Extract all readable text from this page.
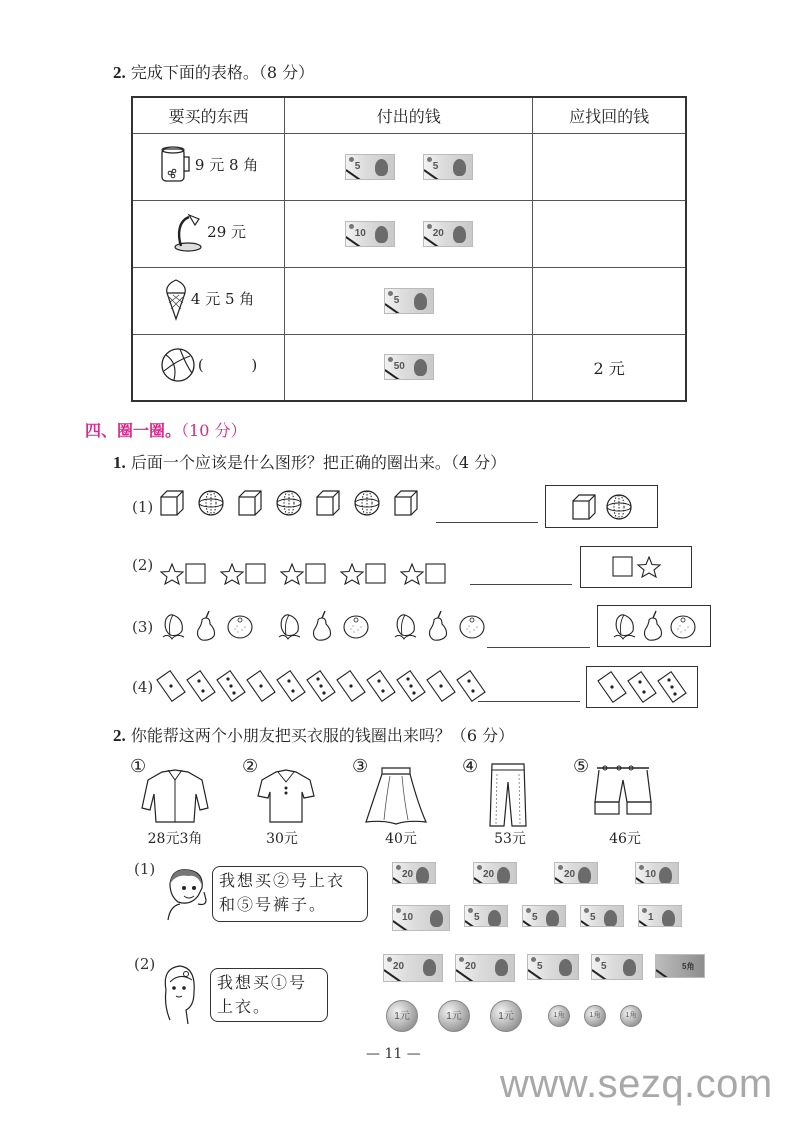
2. 完成下面的表格。（8 分）
要买的东西	付出的钱	应找回的钱

9 元 8 角	5 5	

29 元	10 20	

4 元 5 角	5	

(          )	50	2 元
四、圈一圈。（10 分）
1. 后面一个应该是什么图形？把正确的圈出来。（4 分）
(1)
(2)
(3)
(4)
2. 你能帮这两个小朋友把买衣服的钱圈出来吗？（6 分）
①
28元3角
②
30元
③
40元
④
53元
⑤
46元
(1)
我想买②号上衣
和⑤号裤子。
20	20	20	10
10	5	5	5	1
(2)
我想买①号
上衣。
20	20	5	5	5角
1元	1元	1元	1角	1角	1角
— 11 —
www.sezq.com
